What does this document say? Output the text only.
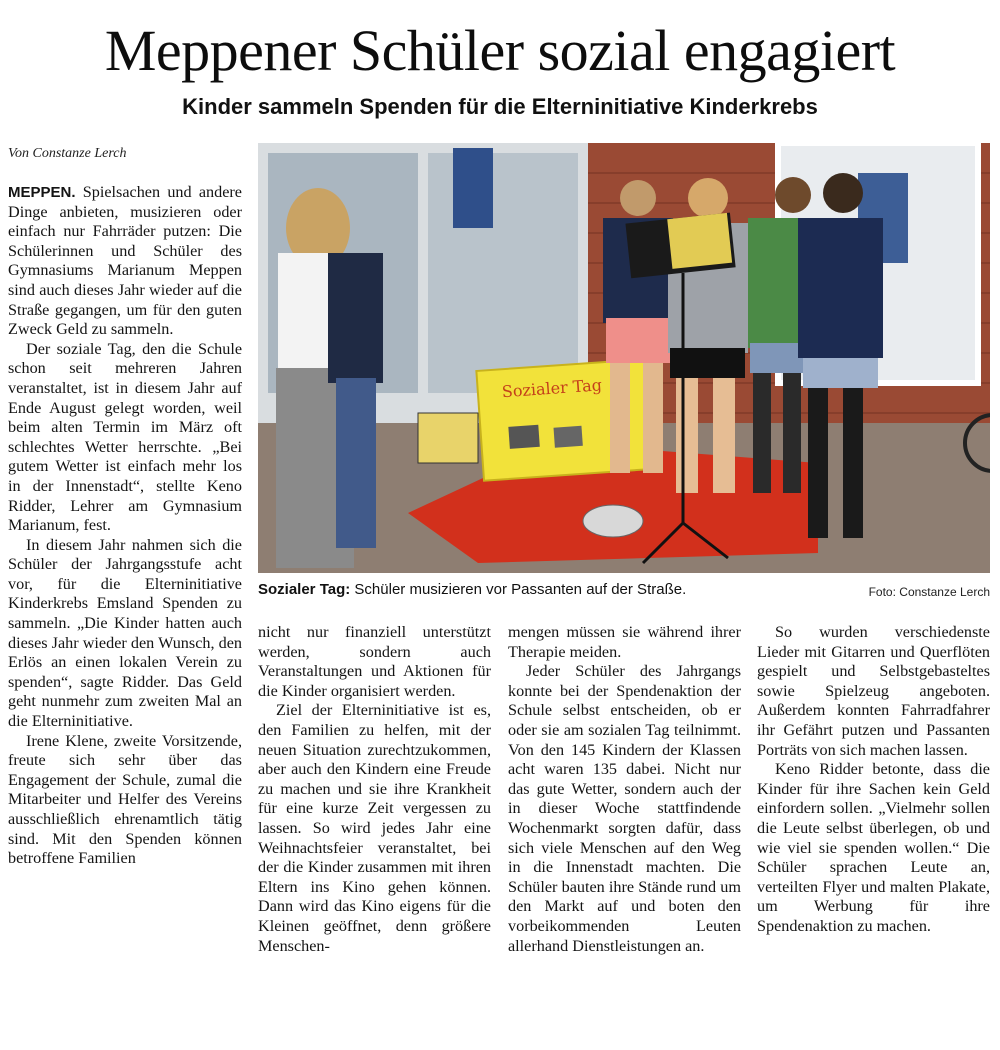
Meppener Schüler sozial engagiert
Kinder sammeln Spenden für die Elterninitiative Kinderkrebs
Von Constanze Lerch

MEPPEN. Spielsachen und andere Dinge anbieten, musizieren oder einfach nur Fahrräder putzen: Die Schülerinnen und Schüler des Gymnasiums Marianum Meppen sind auch dieses Jahr wieder auf die Straße gegangen, um für den guten Zweck Geld zu sammeln.

Der soziale Tag, den die Schule schon seit mehreren Jahren veranstaltet, ist in diesem Jahr auf Ende August gelegt worden, weil beim alten Termin im März oft schlechtes Wetter herrschte. „Bei gutem Wetter ist einfach mehr los in der Innenstadt“, stellte Keno Ridder, Lehrer am Gymnasium Marianum, fest.

In diesem Jahr nahmen sich die Schüler der Jahrgangsstufe acht vor, für die Elterninitiative Kinderkrebs Emsland Spenden zu sammeln. „Die Kinder hatten auch dieses Jahr wieder den Wunsch, den Erlös an einen lokalen Verein zu spenden“, sagte Ridder. Das Geld geht nunmehr zum zweiten Mal an die Elterninitiative.

Irene Klene, zweite Vorsitzende, freute sich sehr über das Engagement der Schule, zumal die Mitarbeiter und Helfer des Vereins ausschließlich ehrenamtlich tätig sind. Mit den Spenden können betroffene Familien

Sozialer Tag
Sozialer Tag: Schüler musizieren vor Passanten auf der Straße.	Foto: Constanze Lerch

nicht nur finanziell unterstützt werden, sondern auch Veranstaltungen und Aktionen für die Kinder organisiert werden.

Ziel der Elterninitiative ist es, den Familien zu helfen, mit der neuen Situation zurechtzukommen, aber auch den Kindern eine Freude zu machen und sie ihre Krankheit für eine kurze Zeit vergessen zu lassen. So wird jedes Jahr eine Weihnachtsfeier veranstaltet, bei der die Kinder zusammen mit ihren Eltern ins Kino gehen können. Dann wird das Kino eigens für die Kleinen geöffnet, denn größere Menschen-

mengen müssen sie während ihrer Therapie meiden.

Jeder Schüler des Jahrgangs konnte bei der Spendenaktion der Schule selbst entscheiden, ob er oder sie am sozialen Tag teilnimmt. Von den 145 Kindern der Klassen acht waren 135 dabei. Nicht nur das gute Wetter, sondern auch der in dieser Woche stattfindende Wochenmarkt sorgten dafür, dass sich viele Menschen auf den Weg in die Innenstadt machten. Die Schüler bauten ihre Stände rund um den Markt auf und boten den vorbeikommenden Leuten allerhand Dienstleistungen an.

So wurden verschiedenste Lieder mit Gitarren und Querflöten gespielt und Selbstgebasteltes sowie Spielzeug angeboten. Außerdem konnten Fahrradfahrer ihr Gefährt putzen und Passanten Porträts von sich machen lassen.

Keno Ridder betonte, dass die Kinder für ihre Sachen kein Geld einfordern sollen. „Vielmehr sollen die Leute selbst überlegen, ob und wie viel sie spenden wollen.“ Die Schüler sprachen Leute an, verteilten Flyer und malten Plakate, um Werbung für ihre Spendenaktion zu machen.
